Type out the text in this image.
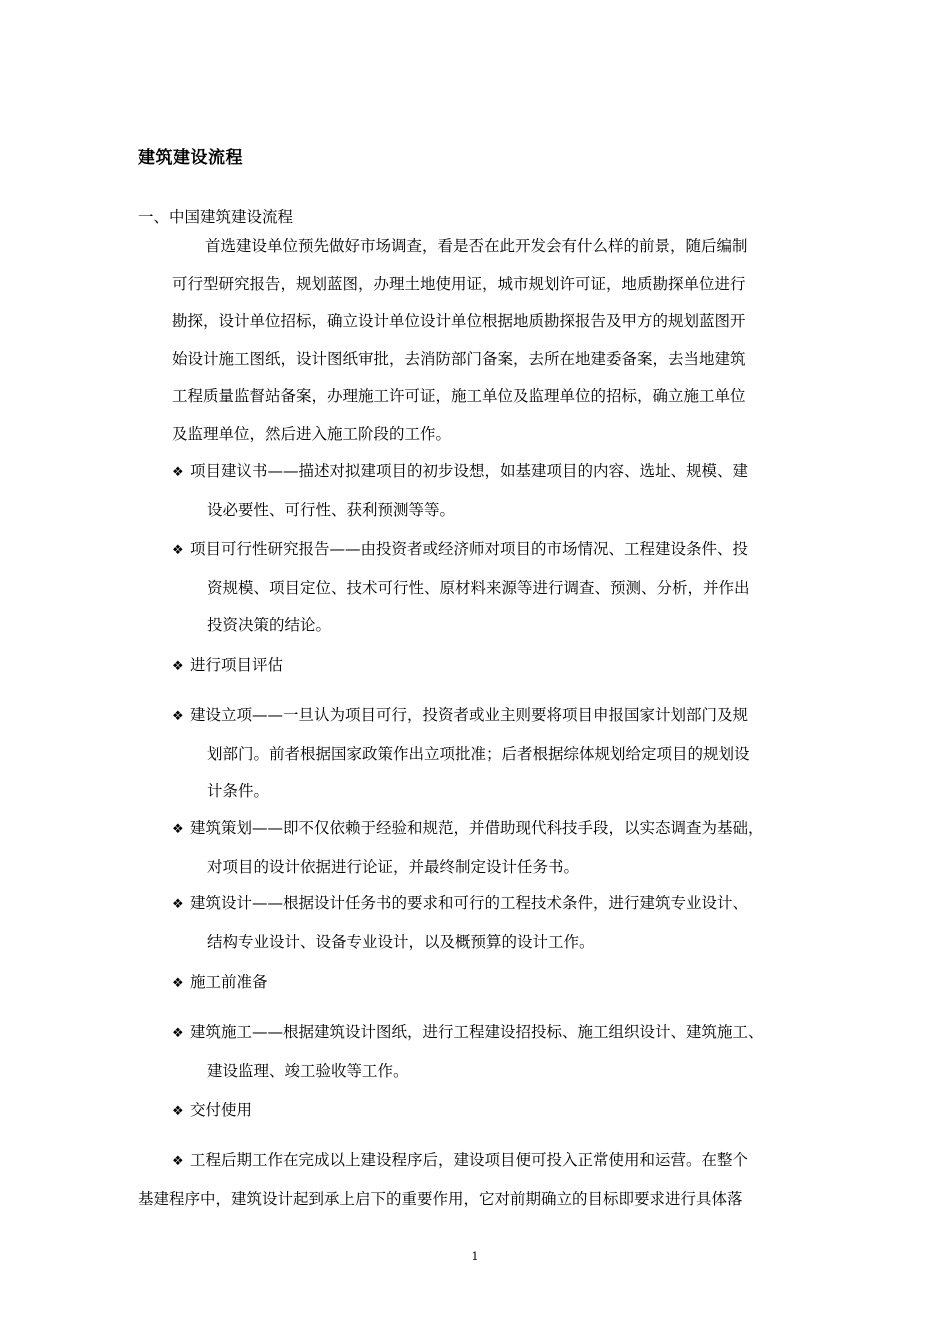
建筑建设流程
一、中国建筑建设流程
首选建设单位预先做好市场调查，看是否在此开发会有什么样的前景，随后编制
可行型研究报告，规划蓝图，办理土地使用证，城市规划许可证，地质勘探单位进行
勘探，设计单位招标，确立设计单位设计单位根据地质勘探报告及甲方的规划蓝图开
始设计施工图纸，设计图纸审批，去消防部门备案，去所在地建委备案，去当地建筑
工程质量监督站备案，办理施工许可证，施工单位及监理单位的招标，确立施工单位
及监理单位，然后进入施工阶段的工作。
❖ 项目建议书——描述对拟建项目的初步设想，如基建项目的内容、选址、规模、建
设必要性、可行性、获利预测等等。
❖ 项目可行性研究报告——由投资者或经济师对项目的市场情况、工程建设条件、投
资规模、项目定位、技术可行性、原材料来源等进行调查、预测、分析，并作出
投资决策的结论。
❖ 进行项目评估
❖ 建设立项——一旦认为项目可行，投资者或业主则要将项目申报国家计划部门及规
划部门。前者根据国家政策作出立项批准；后者根据综体规划给定项目的规划设
计条件。
❖ 建筑策划——即不仅依赖于经验和规范，并借助现代科技手段，以实态调查为基础，
对项目的设计依据进行论证，并最终制定设计任务书。
❖ 建筑设计——根据设计任务书的要求和可行的工程技术条件，进行建筑专业设计、
结构专业设计、设备专业设计，以及概预算的设计工作。
❖ 施工前准备
❖ 建筑施工——根据建筑设计图纸，进行工程建设招投标、施工组织设计、建筑施工、
建设监理、竣工验收等工作。
❖ 交付使用
❖ 工程后期工作在完成以上建设程序后，建设项目便可投入正常使用和运营。在整个
基建程序中，建筑设计起到承上启下的重要作用，它对前期确立的目标即要求进行具体落
1
